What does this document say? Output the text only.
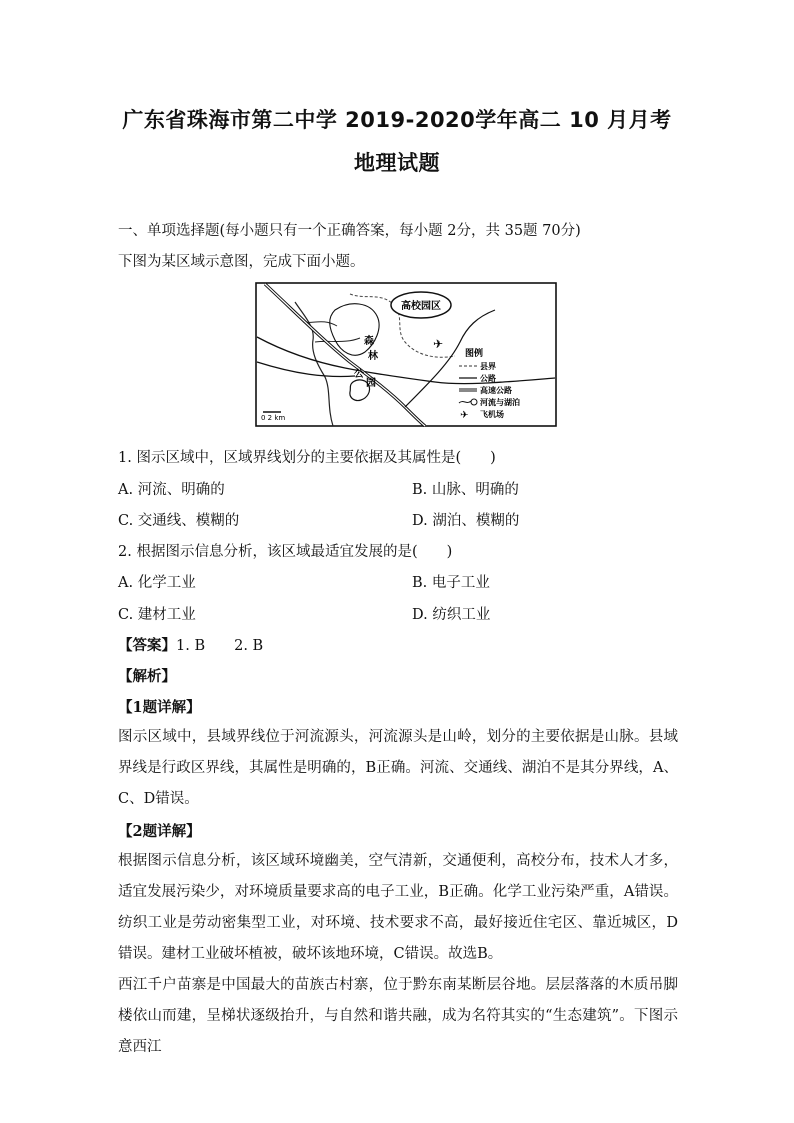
广东省珠海市第二中学 2019-2020学年高二 10 月月考
地理试题
一、单项选择题(每小题只有一个正确答案，每小题 2分，共 35题 70分)
下图为某区域示意图，完成下面小题。
高校园区
森
林
公
园
✈
0 2 km
图例
县界
公路
高速公路
河流与湖泊
✈ 飞机场
1. 图示区域中，区域界线划分的主要依据及其属性是(　　)
A. 河流、明确的	B. 山脉、明确的
C. 交通线、模糊的	D. 湖泊、模糊的
2. 根据图示信息分析，该区域最适宜发展的是(　　)
A. 化学工业	B. 电子工业
C. 建材工业	D. 纺织工业
【答案】1. B　　2. B
【解析】
【1题详解】
图示区域中，县域界线位于河流源头，河流源头是山岭，划分的主要依据是山脉。县域界线是行政区界线，其属性是明确的，B正确。河流、交通线、湖泊不是其分界线，A、C、D错误。
【2题详解】
根据图示信息分析，该区域环境幽美，空气清新，交通便利，高校分布，技术人才多，适宜发展污染少，对环境质量要求高的电子工业，B正确。化学工业污染严重，A错误。纺织工业是劳动密集型工业，对环境、技术要求不高，最好接近住宅区、靠近城区，D错误。建材工业破坏植被，破坏该地环境，C错误。故选B。
西江千户苗寨是中国最大的苗族古村寨，位于黔东南某断层谷地。层层落落的木质吊脚楼依山而建，呈梯状逐级抬升，与自然和谐共融，成为名符其实的“生态建筑”。下图示意西江
